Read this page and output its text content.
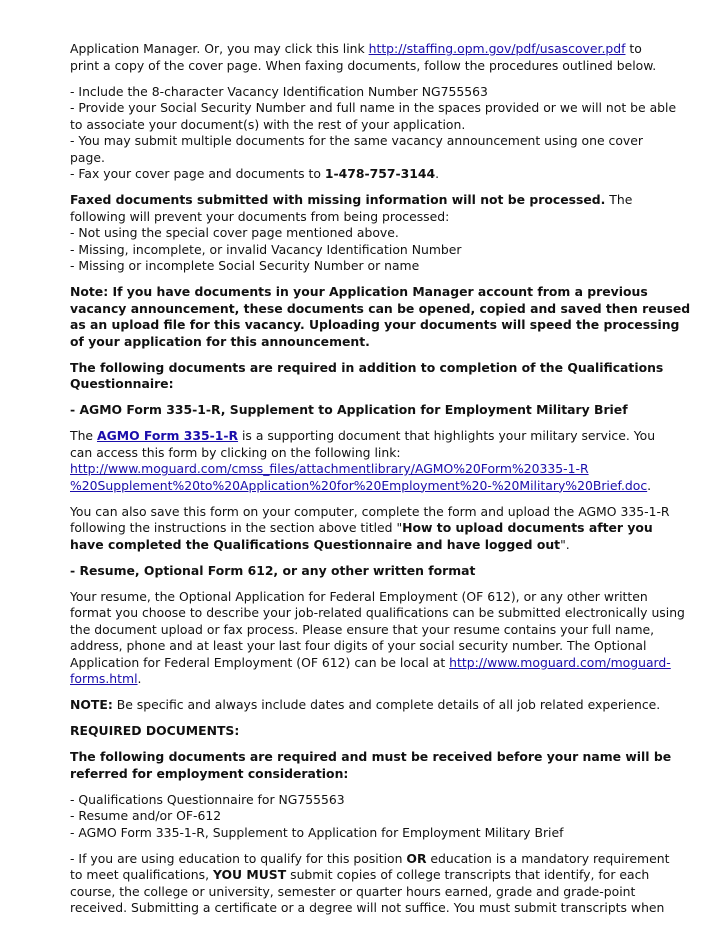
Application Manager. Or, you may click this link http://staffing.opm.gov/pdf/usascover.pdf to
print a copy of the cover page. When faxing documents, follow the procedures outlined below.

- Include the 8-character Vacancy Identification Number NG755563
- Provide your Social Security Number and full name in the spaces provided or we will not be able
to associate your document(s) with the rest of your application.
- You may submit multiple documents for the same vacancy announcement using one cover
page.
- Fax your cover page and documents to 1-478-757-3144.

Faxed documents submitted with missing information will not be processed. The
following will prevent your documents from being processed:
- Not using the special cover page mentioned above.
- Missing, incomplete, or invalid Vacancy Identification Number
- Missing or incomplete Social Security Number or name

Note: If you have documents in your Application Manager account from a previous
vacancy announcement, these documents can be opened, copied and saved then reused
as an upload file for this vacancy. Uploading your documents will speed the processing
of your application for this announcement.

The following documents are required in addition to completion of the Qualifications
Questionnaire:

- AGMO Form 335-1-R, Supplement to Application for Employment Military Brief

The AGMO Form 335-1-R is a supporting document that highlights your military service. You
can access this form by clicking on the following link:
http://www.moguard.com/cmss_files/attachmentlibrary/AGMO%20Form%20335-1-R
%20Supplement%20to%20Application%20for%20Employment%20-%20Military%20Brief.doc.

You can also save this form on your computer, complete the form and upload the AGMO 335-1-R
following the instructions in the section above titled "How to upload documents after you
have completed the Qualifications Questionnaire and have logged out".

- Resume, Optional Form 612, or any other written format

Your resume, the Optional Application for Federal Employment (OF 612), or any other written
format you choose to describe your job-related qualifications can be submitted electronically using
the document upload or fax process. Please ensure that your resume contains your full name,
address, phone and at least your last four digits of your social security number. The Optional
Application for Federal Employment (OF 612) can be local at http://www.moguard.com/moguard-
forms.html.

NOTE: Be specific and always include dates and complete details of all job related experience.

REQUIRED DOCUMENTS:

The following documents are required and must be received before your name will be
referred for employment consideration:

- Qualifications Questionnaire for NG755563
- Resume and/or OF-612
- AGMO Form 335-1-R, Supplement to Application for Employment Military Brief

- If you are using education to qualify for this position OR education is a mandatory requirement
to meet qualifications, YOU MUST submit copies of college transcripts that identify, for each
course, the college or university, semester or quarter hours earned, grade and grade-point
received. Submitting a certificate or a degree will not suffice. You must submit transcripts when
